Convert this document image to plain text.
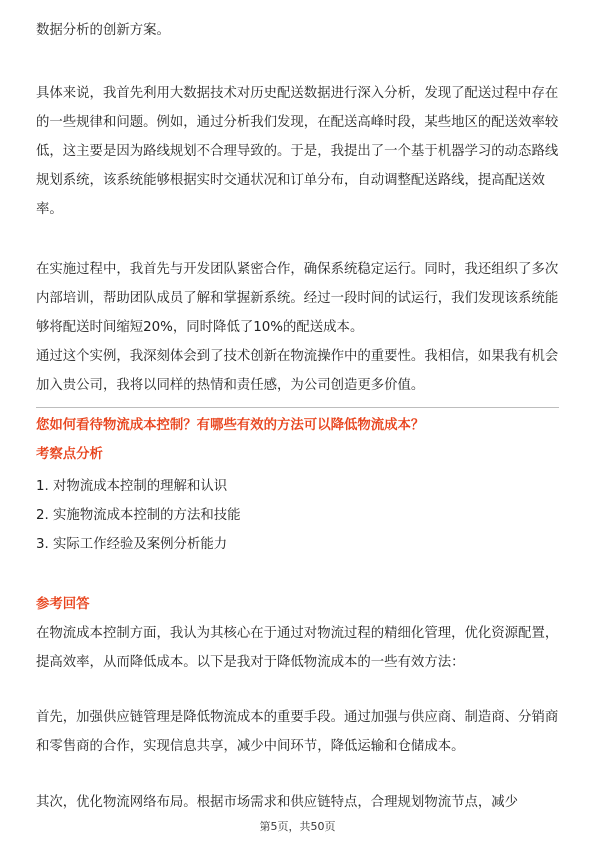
数据分析的创新方案。

具体来说，我首先利用大数据技术对历史配送数据进行深入分析，发现了配送过程中存在的一些规律和问题。例如，通过分析我们发现，在配送高峰时段，某些地区的配送效率较低，这主要是因为路线规划不合理导致的。于是，我提出了一个基于机器学习的动态路线规划系统，该系统能够根据实时交通状况和订单分布，自动调整配送路线，提高配送效率。

在实施过程中，我首先与开发团队紧密合作，确保系统稳定运行。同时，我还组织了多次内部培训，帮助团队成员了解和掌握新系统。经过一段时间的试运行，我们发现该系统能够将配送时间缩短20%，同时降低了10%的配送成本。

通过这个实例，我深刻体会到了技术创新在物流操作中的重要性。我相信，如果我有机会加入贵公司，我将以同样的热情和责任感，为公司创造更多价值。

您如何看待物流成本控制？有哪些有效的方法可以降低物流成本？
考察点分析
1. 对物流成本控制的理解和认识
2. 实施物流成本控制的方法和技能
3. 实际工作经验及案例分析能力
参考回答

在物流成本控制方面，我认为其核心在于通过对物流过程的精细化管理，优化资源配置，提高效率，从而降低成本。以下是我对于降低物流成本的一些有效方法：

首先，加强供应链管理是降低物流成本的重要手段。通过加强与供应商、制造商、分销商和零售商的合作，实现信息共享，减少中间环节，降低运输和仓储成本。

其次，优化物流网络布局。根据市场需求和供应链特点，合理规划物流节点，减少

第5页，共50页
